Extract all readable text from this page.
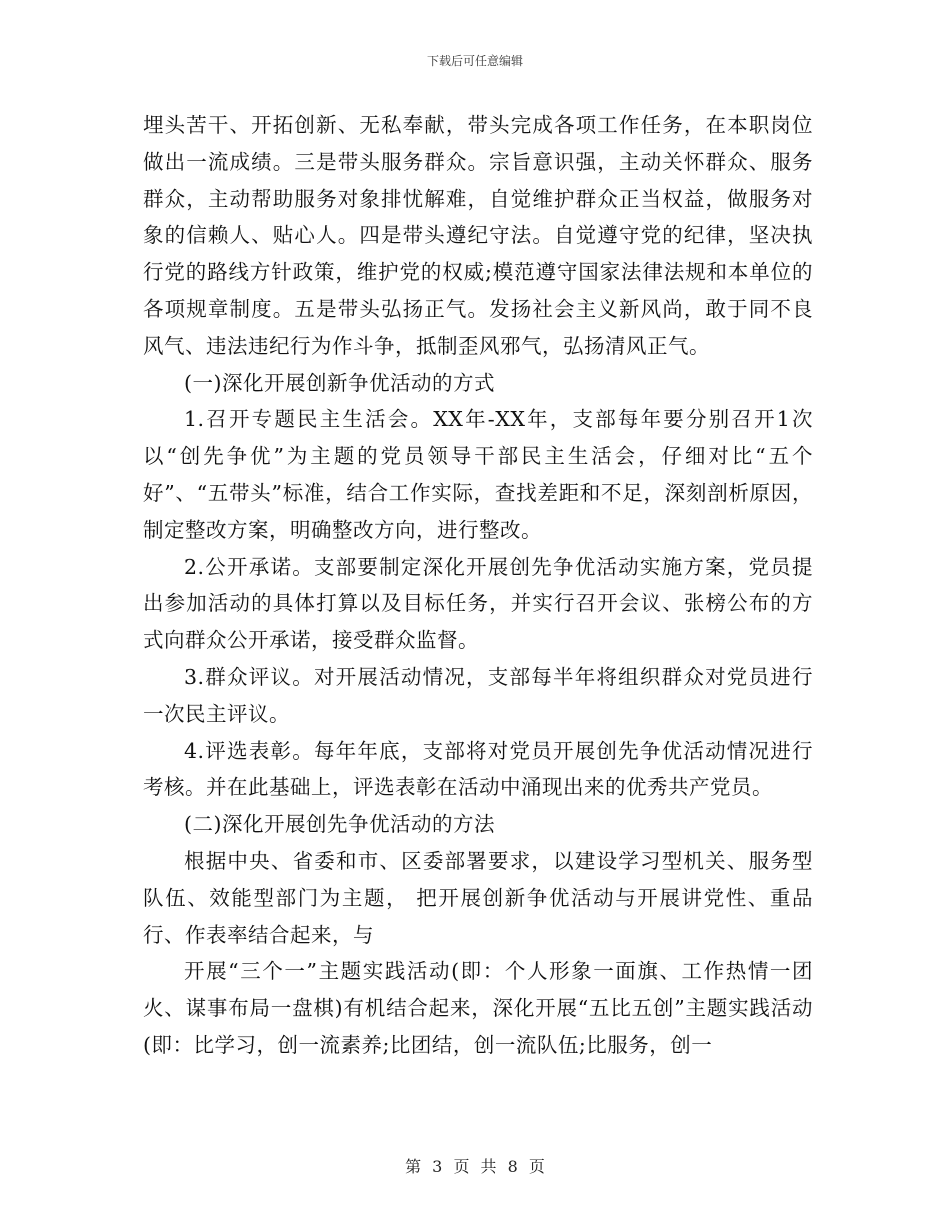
下载后可任意编辑

埋头苦干、开拓创新、无私奉献，带头完成各项工作任务，在本职岗位做出一流成绩。三是带头服务群众。宗旨意识强，主动关怀群众、服务群众，主动帮助服务对象排忧解难，自觉维护群众正当权益，做服务对象的信赖人、贴心人。四是带头遵纪守法。自觉遵守党的纪律，坚决执行党的路线方针政策，维护党的权威;模范遵守国家法律法规和本单位的各项规章制度。五是带头弘扬正气。发扬社会主义新风尚，敢于同不良风气、违法违纪行为作斗争，抵制歪风邪气，弘扬清风正气。

(一)深化开展创新争优活动的方式

1.召开专题民主生活会。XX年-XX年，支部每年要分别召开1次以“创先争优”为主题的党员领导干部民主生活会，仔细对比“五个好”、“五带头”标准，结合工作实际，查找差距和不足，深刻剖析原因，制定整改方案，明确整改方向，进行整改。

2.公开承诺。支部要制定深化开展创先争优活动实施方案，党员提出参加活动的具体打算以及目标任务，并实行召开会议、张榜公布的方式向群众公开承诺，接受群众监督。

3.群众评议。对开展活动情况，支部每半年将组织群众对党员进行一次民主评议。

4.评选表彰。每年年底，支部将对党员开展创先争优活动情况进行考核。并在此基础上，评选表彰在活动中涌现出来的优秀共产党员。

(二)深化开展创先争优活动的方法

根据中央、省委和市、区委部署要求，以建设学习型机关、服务型队伍、效能型部门为主题， 把开展创新争优活动与开展讲党性、重品行、作表率结合起来，与

开展“三个一”主题实践活动(即：个人形象一面旗、工作热情一团火、谋事布局一盘棋)有机结合起来，深化开展“五比五创”主题实践活动(即：比学习，创一流素养;比团结，创一流队伍;比服务，创一

第 3 页 共 8 页
